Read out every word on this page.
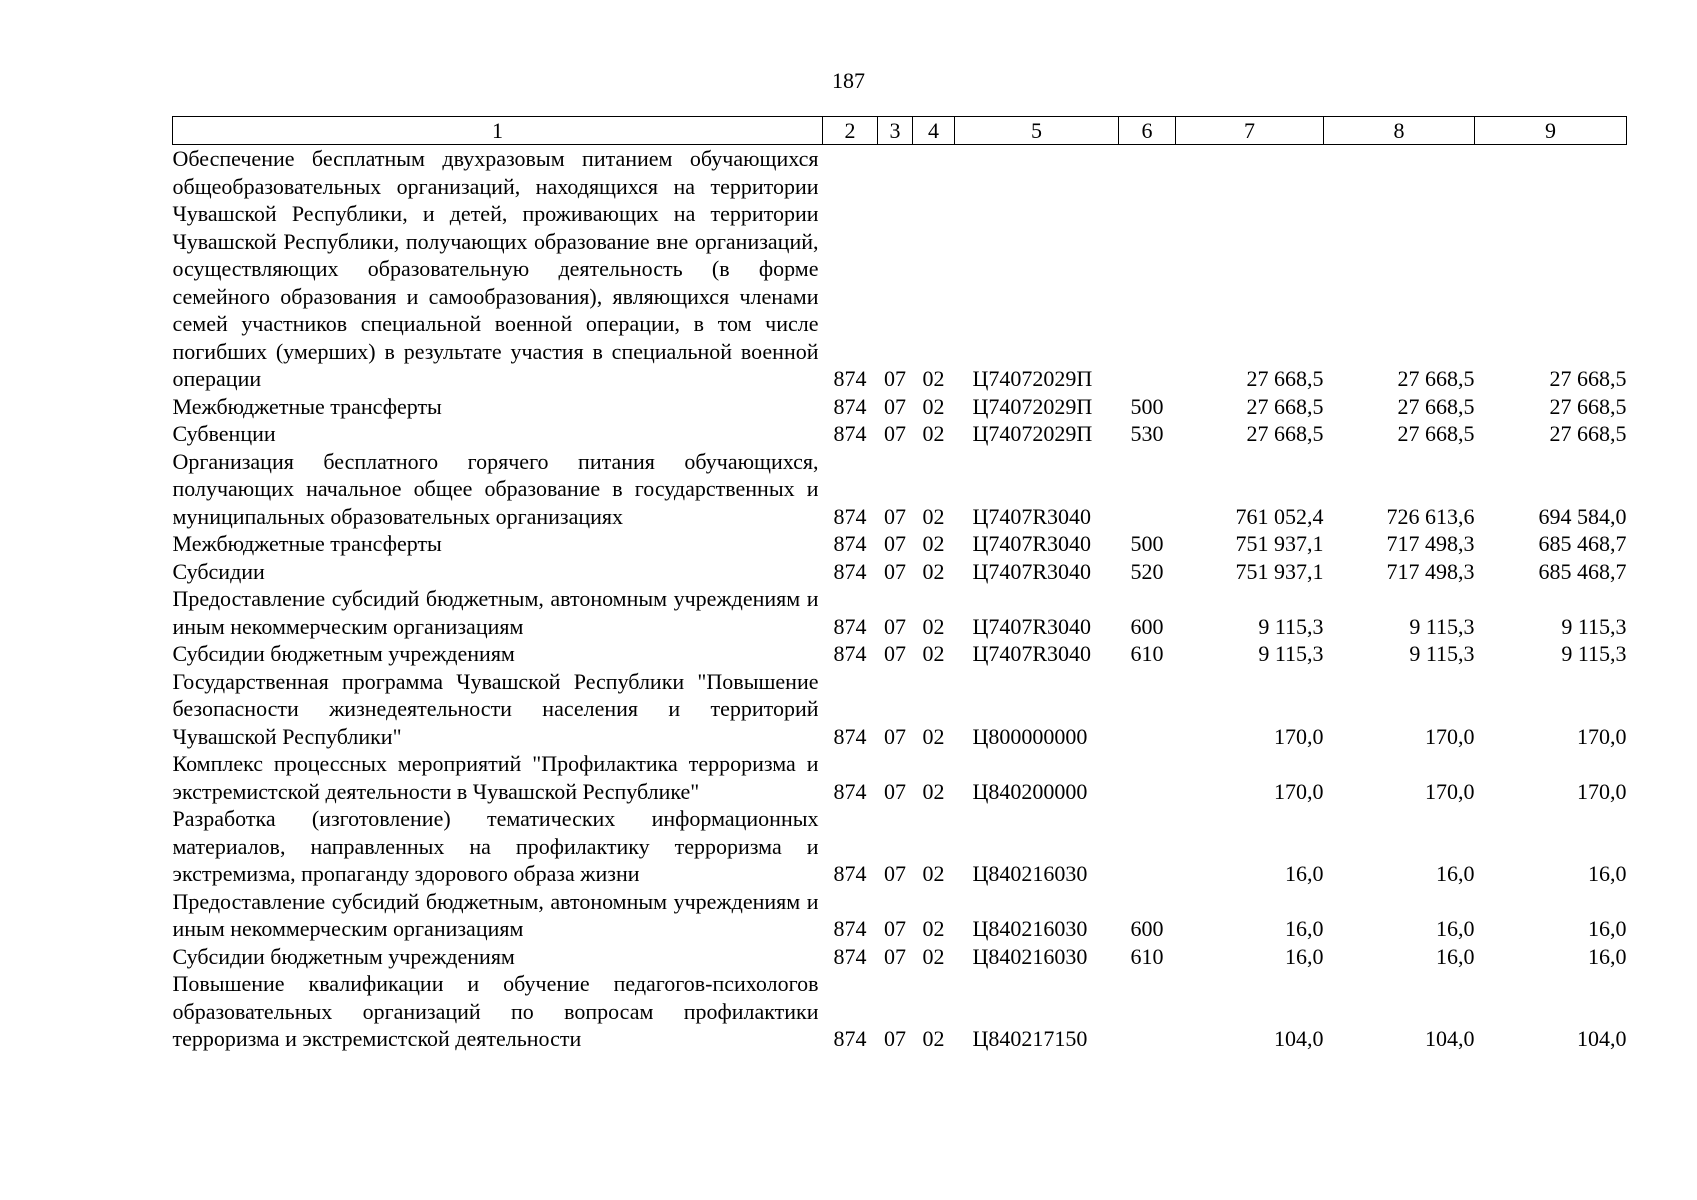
187
1	2	3	4	5	6	7	8	9
Обеспечение бесплатным двухразовым питанием обучающихся общеобразовательных организаций, находящихся на территории Чувашской Республики, и детей, проживающих на территории Чувашской Республики, получающих образование вне организаций, осуществляющих образовательную деятельность (в форме семейного образования и самообразования), являющихся членами семей участников специальной военной операции, в том числе погибших (умерших) в результате участия в специальной военной операции	874	07	02	Ц74072029П		27 668,5	27 668,5	27 668,5
Межбюджетные трансферты	874	07	02	Ц74072029П	500	27 668,5	27 668,5	27 668,5
Субвенции	874	07	02	Ц74072029П	530	27 668,5	27 668,5	27 668,5
Организация бесплатного горячего питания обучающихся, получающих начальное общее образование в государственных и муниципальных образовательных организациях	874	07	02	Ц7407R3040		761 052,4	726 613,6	694 584,0
Межбюджетные трансферты	874	07	02	Ц7407R3040	500	751 937,1	717 498,3	685 468,7
Субсидии	874	07	02	Ц7407R3040	520	751 937,1	717 498,3	685 468,7
Предоставление субсидий бюджетным, автономным учреждениям и иным некоммерческим организациям	874	07	02	Ц7407R3040	600	9 115,3	9 115,3	9 115,3
Субсидии бюджетным учреждениям	874	07	02	Ц7407R3040	610	9 115,3	9 115,3	9 115,3
Государственная программа Чувашской Республики "Повышение безопасности жизнедеятельности населения и территорий Чувашской Республики"	874	07	02	Ц800000000		170,0	170,0	170,0
Комплекс процессных мероприятий "Профилактика терроризма и экстремистской деятельности в Чувашской Республике"	874	07	02	Ц840200000		170,0	170,0	170,0
Разработка (изготовление) тематических информационных материалов, направленных на профилактику терроризма и экстремизма, пропаганду здорового образа жизни	874	07	02	Ц840216030		16,0	16,0	16,0
Предоставление субсидий бюджетным, автономным учреждениям и иным некоммерческим организациям	874	07	02	Ц840216030	600	16,0	16,0	16,0
Субсидии бюджетным учреждениям	874	07	02	Ц840216030	610	16,0	16,0	16,0
Повышение квалификации и обучение педагогов-психологов образовательных организаций по вопросам профилактики терроризма и экстремистской деятельности	874	07	02	Ц840217150		104,0	104,0	104,0
